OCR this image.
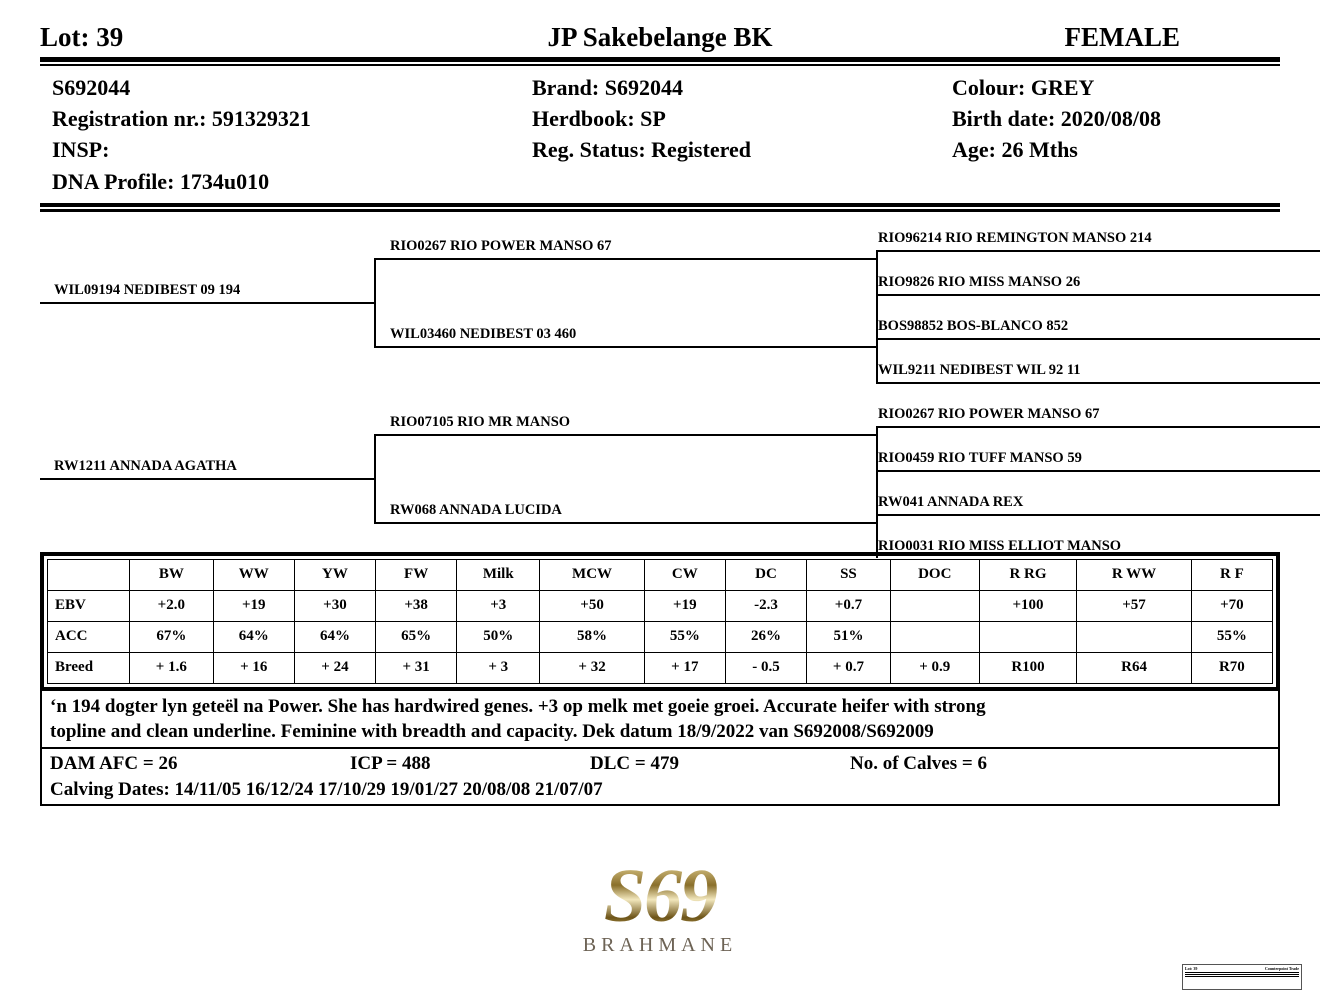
Lot: 39	JP Sakebelange BK	FEMALE
S692044	Brand: S692044	Colour: GREY
Registration nr.: 591329321	Herdbook: SP	Birth date: 2020/08/08
INSP:	Reg. Status: Registered	Age: 26 Mths
DNA Profile: 1734u010
RIO96214 RIO REMINGTON MANSO 214
RIO9826 RIO MISS MANSO 26
BOS98852 BOS-BLANCO 852
WIL9211 NEDIBEST WIL 92 11
RIO0267 RIO POWER MANSO 67
RIO0459 RIO TUFF MANSO 59
RW041 ANNADA REX
RIO0031 RIO MISS ELLIOT MANSO
RIO0267 RIO POWER MANSO 67
WIL03460 NEDIBEST 03 460
RIO07105 RIO MR MANSO
RW068 ANNADA LUCIDA
WIL09194 NEDIBEST 09 194
RW1211 ANNADA AGATHA
	BW	WW	YW	FW	Milk	MCW	CW	DC	SS	DOC	R RG	R WW	R F
EBV	+2.0	+19	+30	+38	+3	+50	+19	-2.3	+0.7		+100	+57	+70
ACC	67%	64%	64%	65%	50%	58%	55%	26%	51%				55%
Breed	+ 1.6	+ 16	+ 24	+ 31	+ 3	+ 32	+ 17	- 0.5	+ 0.7	+ 0.9	R100	R64	R70
‘n 194 dogter lyn geteël na Power. She has hardwired genes. +3 op melk met goeie groei. Accurate heifer with strong
topline and clean underline. Feminine with breadth and capacity. Dek datum 18/9/2022 van S692008/S692009
DAM AFC = 26	ICP = 488	DLC = 479	No. of Calves = 6
Calving Dates: 14/11/05 16/12/24 17/10/29 19/01/27 20/08/08 21/07/07
S69
BRAHMANE
Lot: 39	Counterpoint Trade
